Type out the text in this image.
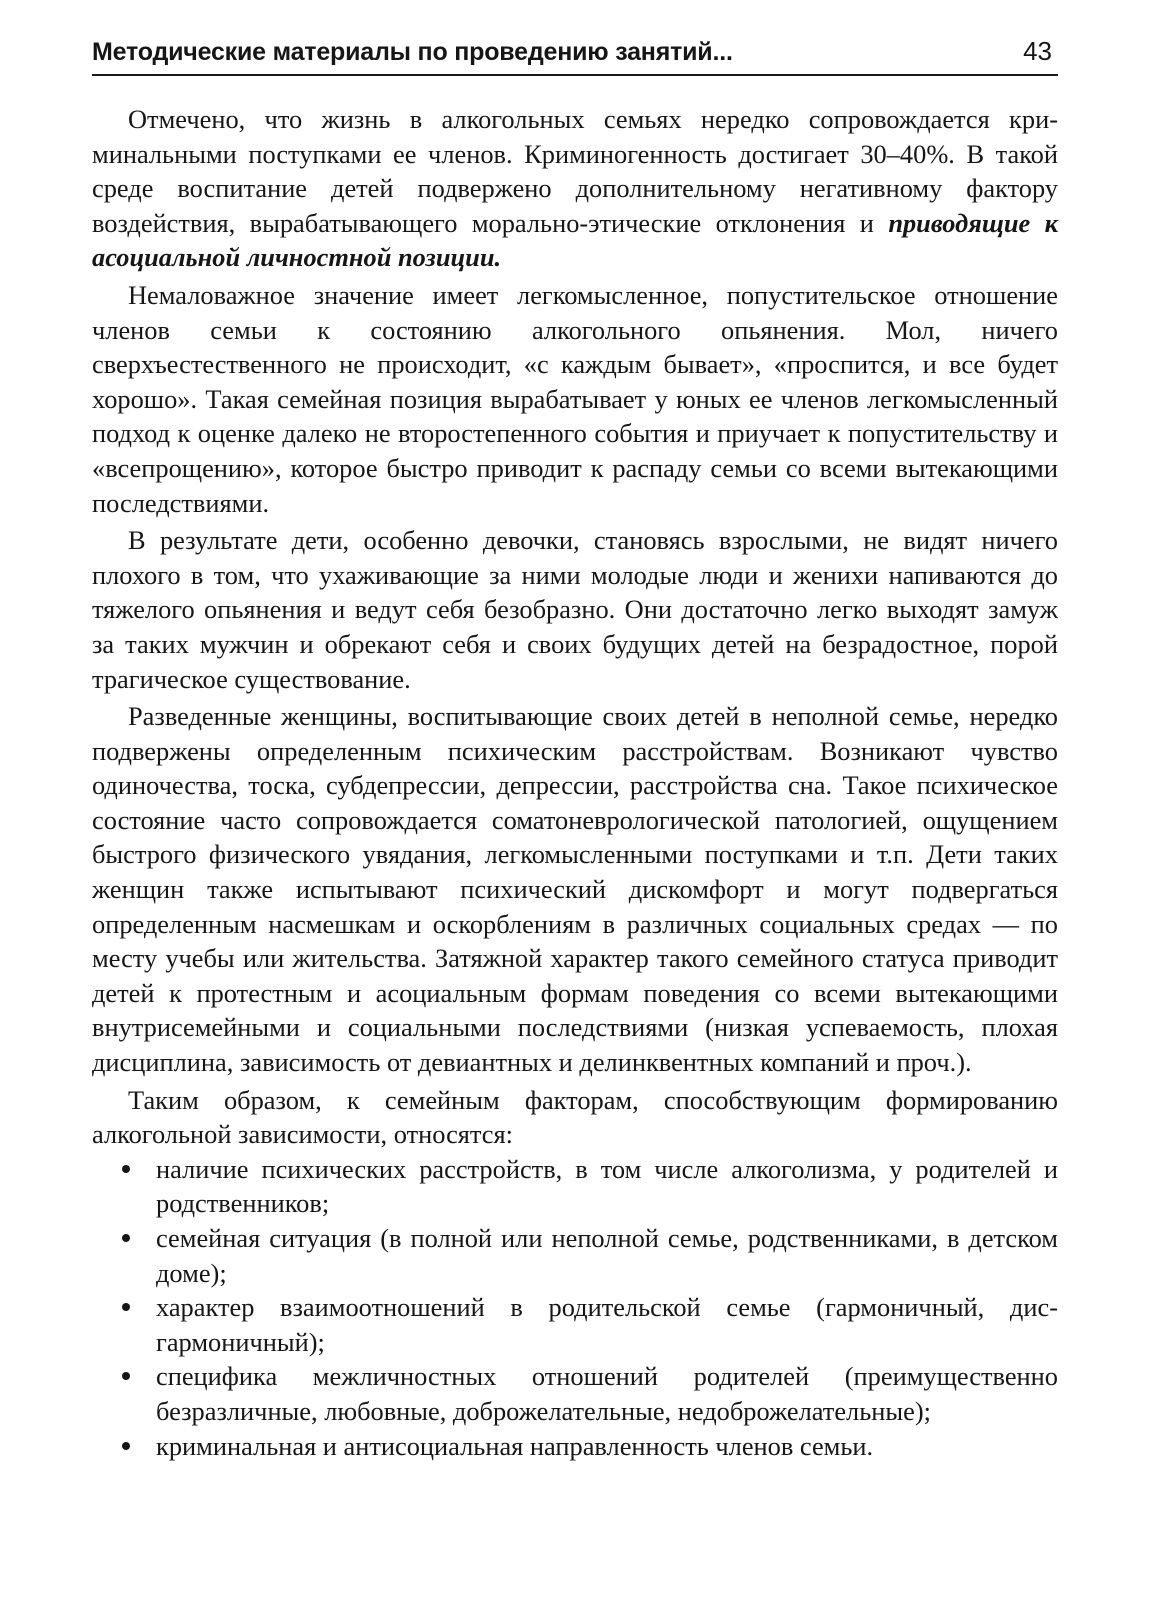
Методические материалы по проведению занятий...	43

Отмечено, что жизнь в алкогольных семьях нередко сопровождается криминальными поступками ее членов. Криминогенность достигает 30–40%. В такой среде воспитание детей подвержено дополнительному негативному фактору воздействия, вырабатывающего морально-этические отклонения и приводящие к асоциальной личностной позиции.

Немаловажное значение имеет легкомысленное, попустительское отношение членов семьи к состоянию алкогольного опьянения. Мол, ничего сверхъестественного не происходит, «с каждым бывает», «проспится, и все будет хорошо». Такая семейная позиция вырабатывает у юных ее членов легкомысленный подход к оценке далеко не второстепенного события и приучает к попустительству и «всепрощению», которое быстро приводит к распаду семьи со всеми вытекающими последствиями.

В результате дети, особенно девочки, становясь взрослыми, не видят ничего плохого в том, что ухаживающие за ними молодые люди и женихи напиваются до тяжелого опьянения и ведут себя безобразно. Они достаточно легко выходят замуж за таких мужчин и обрекают себя и своих будущих детей на безрадостное, порой трагическое существование.

Разведенные женщины, воспитывающие своих детей в неполной семье, нередко подвержены определенным психическим расстройствам. Возникают чувство одиночества, тоска, субдепрессии, депрессии, расстройства сна. Такое психическое состояние часто сопровождается соматоневрологической патологией, ощущением быстрого физического увядания, легкомысленными поступками и т.п. Дети таких женщин также испытывают психический дискомфорт и могут подвергаться определенным насмешкам и оскорблениям в различных социальных средах — по месту учебы или жительства. Затяжной характер такого семейного статуса приводит детей к протестным и асоциальным формам поведения со всеми вытекающими внутрисемейными и социальными последствиями (низкая успеваемость, плохая дисциплина, зависимость от девиантных и делинквентных компаний и проч.).

Таким образом, к семейным факторам, способствующим формированию алкогольной зависимости, относятся:

наличие психических расстройств, в том числе алкоголизма, у родителей и родственников;
семейная ситуация (в полной или неполной семье, родственниками, в детском доме);
характер взаимоотношений в родительской семье (гармоничный, дисгармоничный);
специфика межличностных отношений родителей (преимущественно безразличные, любовные, доброжелательные, недоброжелательные);
криминальная и антисоциальная направленность членов семьи.
